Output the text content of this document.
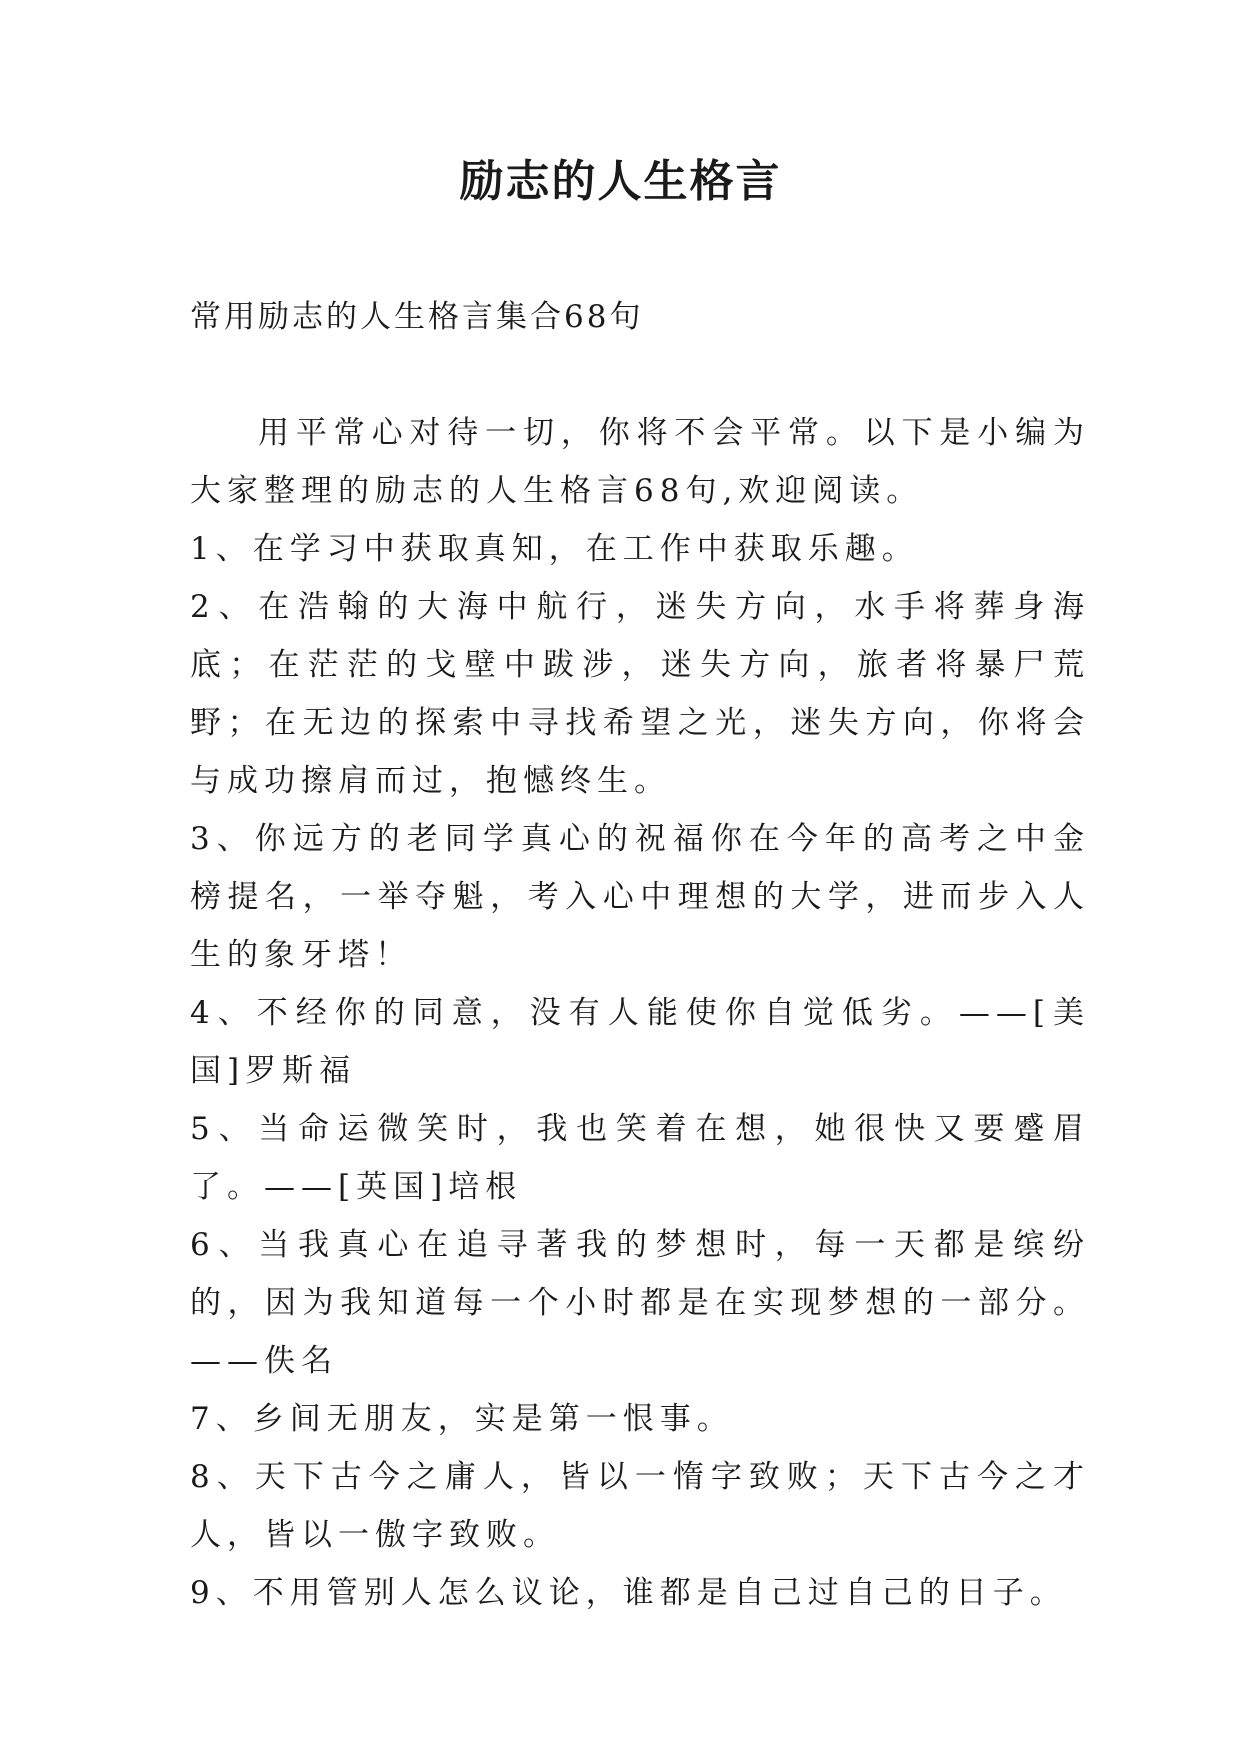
励志的人生格言
常用励志的人生格言集合68句

用平常心对待一切，你将不会平常。以下是小编为大家整理的励志的人生格言68句,欢迎阅读。

1、在学习中获取真知，在工作中获取乐趣。

2、在浩翰的大海中航行，迷失方向，水手将葬身海底；在茫茫的戈壁中跋涉，迷失方向，旅者将暴尸荒野；在无边的探索中寻找希望之光，迷失方向，你将会与成功擦肩而过，抱憾终生。

3、你远方的老同学真心的祝福你在今年的高考之中金榜提名，一举夺魁，考入心中理想的大学，进而步入人生的象牙塔！

4、不经你的同意，没有人能使你自觉低劣。——[美国]罗斯福

5、当命运微笑时，我也笑着在想，她很快又要蹙眉了。——[英国]培根

6、当我真心在追寻著我的梦想时，每一天都是缤纷的，因为我知道每一个小时都是在实现梦想的一部分。——佚名

7、乡间无朋友，实是第一恨事。

8、天下古今之庸人，皆以一惰字致败；天下古今之才人，皆以一傲字致败。

9、不用管别人怎么议论，谁都是自己过自己的日子。
